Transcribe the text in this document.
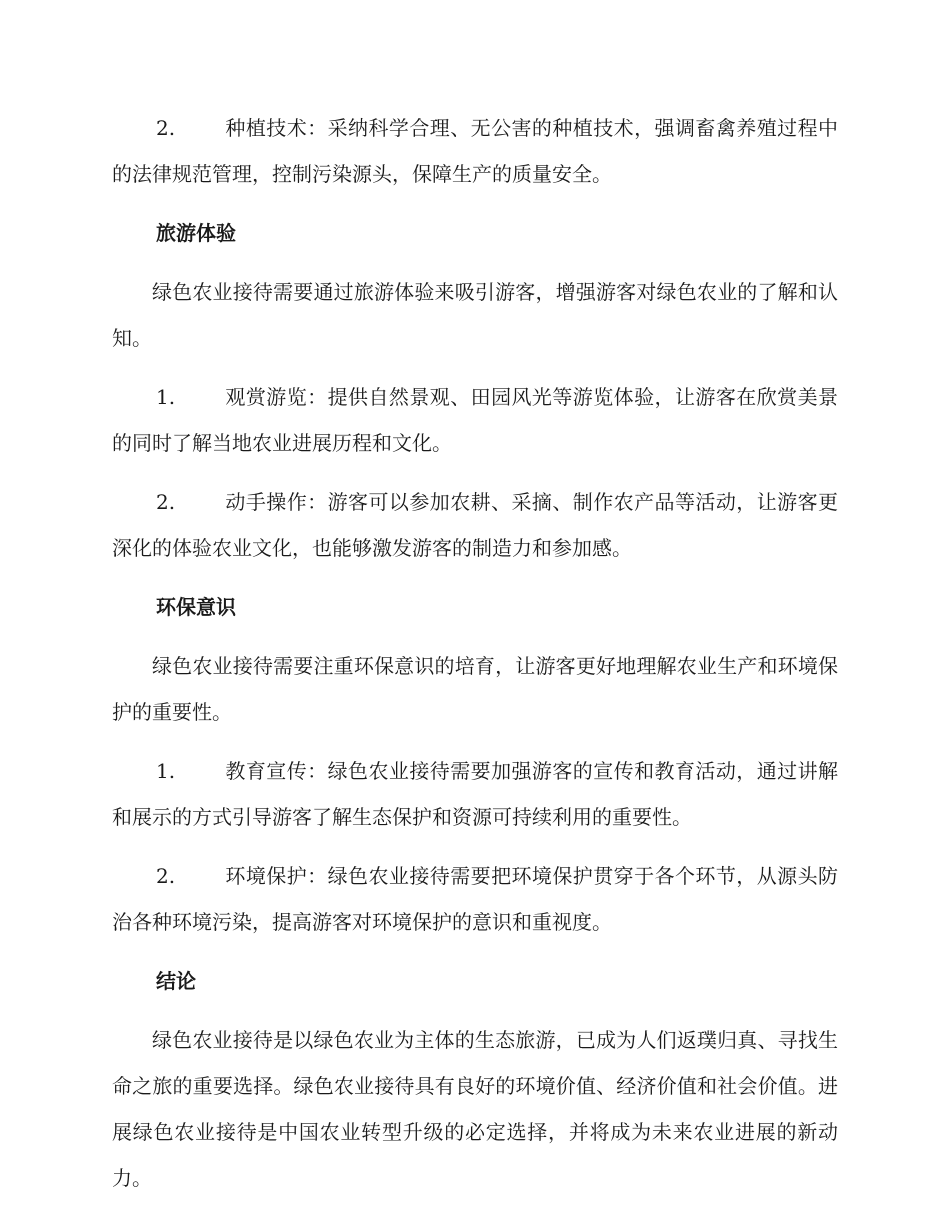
2. 种植技术：采纳科学合理、无公害的种植技术，强调畜禽养殖过程中的法律规范管理，控制污染源头，保障生产的质量安全。

旅游体验

绿色农业接待需要通过旅游体验来吸引游客，增强游客对绿色农业的了解和认知。

1. 观赏游览：提供自然景观、田园风光等游览体验，让游客在欣赏美景的同时了解当地农业进展历程和文化。

2. 动手操作：游客可以参加农耕、采摘、制作农产品等活动，让游客更深化的体验农业文化，也能够激发游客的制造力和参加感。

环保意识

绿色农业接待需要注重环保意识的培育，让游客更好地理解农业生产和环境保护的重要性。

1. 教育宣传：绿色农业接待需要加强游客的宣传和教育活动，通过讲解和展示的方式引导游客了解生态保护和资源可持续利用的重要性。

2. 环境保护：绿色农业接待需要把环境保护贯穿于各个环节，从源头防治各种环境污染，提高游客对环境保护的意识和重视度。

结论

绿色农业接待是以绿色农业为主体的生态旅游，已成为人们返璞归真、寻找生命之旅的重要选择。绿色农业接待具有良好的环境价值、经济价值和社会价值。进展绿色农业接待是中国农业转型升级的必定选择，并将成为未来农业进展的新动力。
